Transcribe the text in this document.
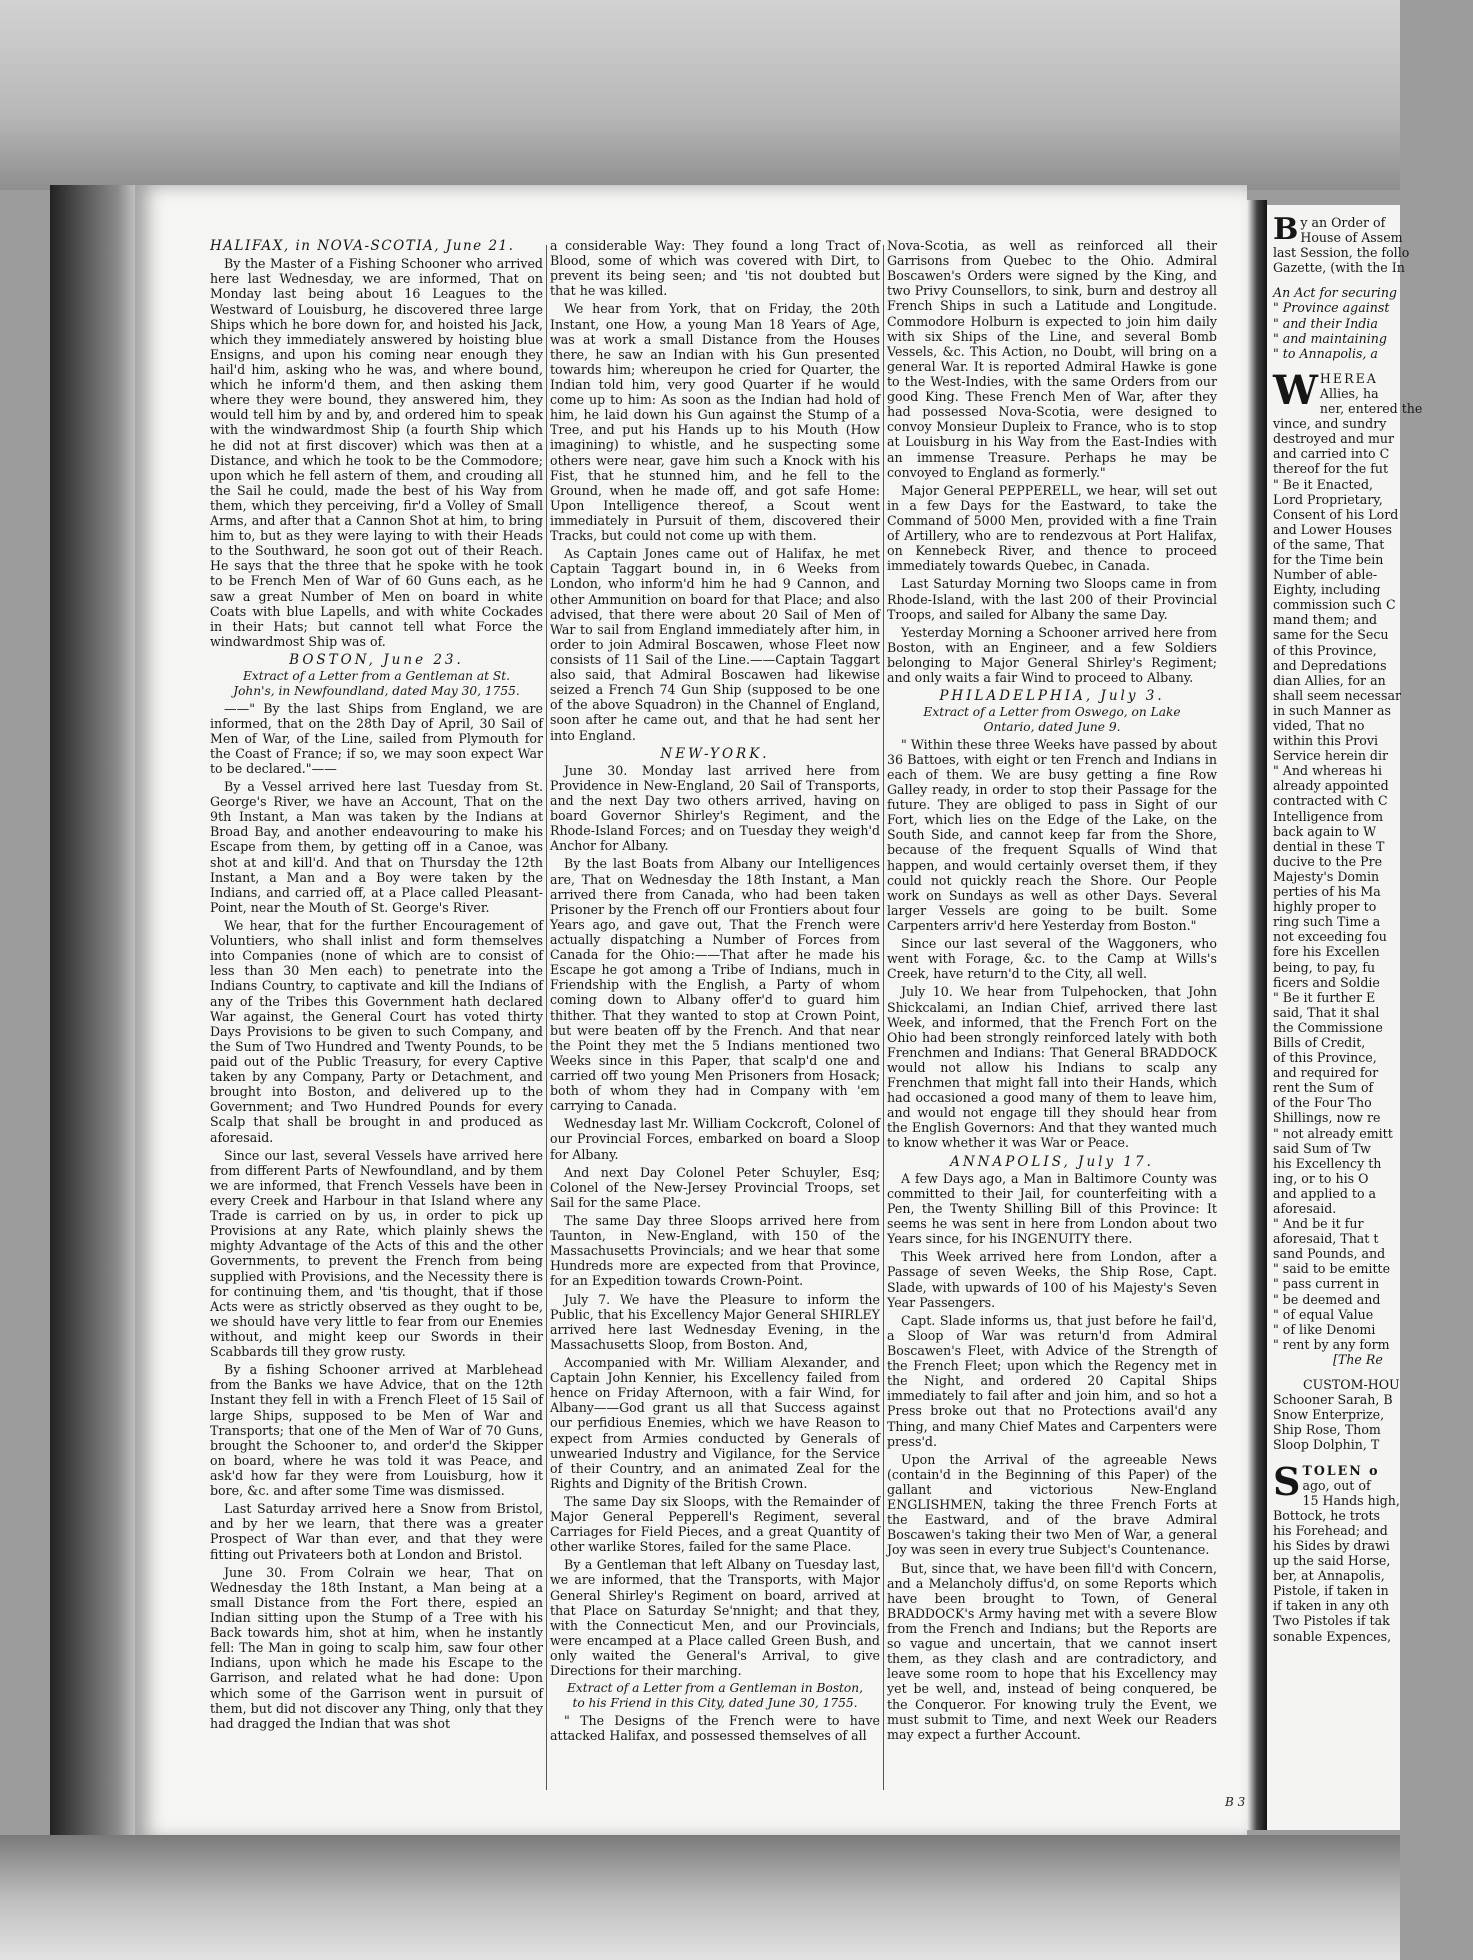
HALIFAX, in NOVA-SCOTIA, June 21.

By the Master of a Fishing Schooner who arrived here last Wednesday, we are informed, That on Monday last being about 16 Leagues to the Westward of Louisburg, he discovered three large Ships which he bore down for, and hoisted his Jack, which they immediately answered by hoisting blue Ensigns, and upon his coming near enough they hail'd him, asking who he was, and where bound, which he inform'd them, and then asking them where they were bound, they answered him, they would tell him by and by, and ordered him to speak with the windwardmost Ship (a fourth Ship which he did not at first discover) which was then at a Distance, and which he took to be the Commodore; upon which he fell astern of them, and crouding all the Sail he could, made the best of his Way from them, which they perceiving, fir'd a Volley of Small Arms, and after that a Cannon Shot at him, to bring him to, but as they were laying to with their Heads to the Southward, he soon got out of their Reach. He says that the three that he spoke with he took to be French Men of War of 60 Guns each, as he saw a great Number of Men on board in white Coats with blue Lapells, and with white Cockades in their Hats; but cannot tell what Force the windwardmost Ship was of.

BOSTON, June 23.
Extract of a Letter from a Gentleman at St. John's, in Newfoundland, dated May 30, 1755.

——" By the last Ships from England, we are informed, that on the 28th Day of April, 30 Sail of Men of War, of the Line, sailed from Plymouth for the Coast of France; if so, we may soon expect War to be declared."——

By a Vessel arrived here last Tuesday from St. George's River, we have an Account, That on the 9th Instant, a Man was taken by the Indians at Broad Bay, and another endeavouring to make his Escape from them, by getting off in a Canoe, was shot at and kill'd. And that on Thursday the 12th Instant, a Man and a Boy were taken by the Indians, and carried off, at a Place called Pleasant-Point, near the Mouth of St. George's River.

We hear, that for the further Encouragement of Voluntiers, who shall inlist and form themselves into Companies (none of which are to consist of less than 30 Men each) to penetrate into the Indians Country, to captivate and kill the Indians of any of the Tribes this Government hath declared War against, the General Court has voted thirty Days Provisions to be given to such Company, and the Sum of Two Hundred and Twenty Pounds, to be paid out of the Public Treasury, for every Captive taken by any Company, Party or Detachment, and brought into Boston, and delivered up to the Government; and Two Hundred Pounds for every Scalp that shall be brought in and produced as aforesaid.

Since our last, several Vessels have arrived here from different Parts of Newfoundland, and by them we are informed, that French Vessels have been in every Creek and Harbour in that Island where any Trade is carried on by us, in order to pick up Provisions at any Rate, which plainly shews the mighty Advantage of the Acts of this and the other Governments, to prevent the French from being supplied with Provisions, and the Necessity there is for continuing them, and 'tis thought, that if those Acts were as strictly observed as they ought to be, we should have very little to fear from our Enemies without, and might keep our Swords in their Scabbards till they grow rusty.

By a fishing Schooner arrived at Marblehead from the Banks we have Advice, that on the 12th Instant they fell in with a French Fleet of 15 Sail of large Ships, supposed to be Men of War and Transports; that one of the Men of War of 70 Guns, brought the Schooner to, and order'd the Skipper on board, where he was told it was Peace, and ask'd how far they were from Louisburg, how it bore, &c. and after some Time was dismissed.

Last Saturday arrived here a Snow from Bristol, and by her we learn, that there was a greater Prospect of War than ever, and that they were fitting out Privateers both at London and Bristol.

June 30. From Colrain we hear, That on Wednesday the 18th Instant, a Man being at a small Distance from the Fort there, espied an Indian sitting upon the Stump of a Tree with his Back towards him, shot at him, when he instantly fell: The Man in going to scalp him, saw four other Indians, upon which he made his Escape to the Garrison, and related what he had done: Upon which some of the Garrison went in pursuit of them, but did not discover any Thing, only that they had dragged the Indian that was shot

a considerable Way: They found a long Tract of Blood, some of which was covered with Dirt, to prevent its being seen; and 'tis not doubted but that he was killed.

We hear from York, that on Friday, the 20th Instant, one How, a young Man 18 Years of Age, was at work a small Distance from the Houses there, he saw an Indian with his Gun presented towards him; whereupon he cried for Quarter, the Indian told him, very good Quarter if he would come up to him: As soon as the Indian had hold of him, he laid down his Gun against the Stump of a Tree, and put his Hands up to his Mouth (How imagining) to whistle, and he suspecting some others were near, gave him such a Knock with his Fist, that he stunned him, and he fell to the Ground, when he made off, and got safe Home: Upon Intelligence thereof, a Scout went immediately in Pursuit of them, discovered their Tracks, but could not come up with them.

As Captain Jones came out of Halifax, he met Captain Taggart bound in, in 6 Weeks from London, who inform'd him he had 9 Cannon, and other Ammunition on board for that Place; and also advised, that there were about 20 Sail of Men of War to sail from England immediately after him, in order to join Admiral Boscawen, whose Fleet now consists of 11 Sail of the Line.——Captain Taggart also said, that Admiral Boscawen had likewise seized a French 74 Gun Ship (supposed to be one of the above Squadron) in the Channel of England, soon after he came out, and that he had sent her into England.

NEW-YORK.

June 30. Monday last arrived here from Providence in New-England, 20 Sail of Transports, and the next Day two others arrived, having on board Governor Shirley's Regiment, and the Rhode-Island Forces; and on Tuesday they weigh'd Anchor for Albany.

By the last Boats from Albany our Intelligences are, That on Wednesday the 18th Instant, a Man arrived there from Canada, who had been taken Prisoner by the French off our Frontiers about four Years ago, and gave out, That the French were actually dispatching a Number of Forces from Canada for the Ohio:——That after he made his Escape he got among a Tribe of Indians, much in Friendship with the English, a Party of whom coming down to Albany offer'd to guard him thither. That they wanted to stop at Crown Point, but were beaten off by the French. And that near the Point they met the 5 Indians mentioned two Weeks since in this Paper, that scalp'd one and carried off two young Men Prisoners from Hosack; both of whom they had in Company with 'em carrying to Canada.

Wednesday last Mr. William Cockcroft, Colonel of our Provincial Forces, embarked on board a Sloop for Albany.

And next Day Colonel Peter Schuyler, Esq; Colonel of the New-Jersey Provincial Troops, set Sail for the same Place.

The same Day three Sloops arrived here from Taunton, in New-England, with 150 of the Massachusetts Provincials; and we hear that some Hundreds more are expected from that Province, for an Expedition towards Crown-Point.

July 7. We have the Pleasure to inform the Public, that his Excellency Major General SHIRLEY arrived here last Wednesday Evening, in the Massachusetts Sloop, from Boston. And,

Accompanied with Mr. William Alexander, and Captain John Kennier, his Excellency failed from hence on Friday Afternoon, with a fair Wind, for Albany——God grant us all that Success against our perfidious Enemies, which we have Reason to expect from Armies conducted by Generals of unwearied Industry and Vigilance, for the Service of their Country, and an animated Zeal for the Rights and Dignity of the British Crown.

The same Day six Sloops, with the Remainder of Major General Pepperell's Regiment, several Carriages for Field Pieces, and a great Quantity of other warlike Stores, failed for the same Place.

By a Gentleman that left Albany on Tuesday last, we are informed, that the Transports, with Major General Shirley's Regiment on board, arrived at that Place on Saturday Se'nnight; and that they, with the Connecticut Men, and our Provincials, were encamped at a Place called Green Bush, and only waited the General's Arrival, to give Directions for their marching.

Extract of a Letter from a Gentleman in Boston, to his Friend in this City, dated June 30, 1755.

" The Designs of the French were to have attacked Halifax, and possessed themselves of all

Nova-Scotia, as well as reinforced all their Garrisons from Quebec to the Ohio. Admiral Boscawen's Orders were signed by the King, and two Privy Counsellors, to sink, burn and destroy all French Ships in such a Latitude and Longitude. Commodore Holburn is expected to join him daily with six Ships of the Line, and several Bomb Vessels, &c. This Action, no Doubt, will bring on a general War. It is reported Admiral Hawke is gone to the West-Indies, with the same Orders from our good King. These French Men of War, after they had possessed Nova-Scotia, were designed to convoy Monsieur Dupleix to France, who is to stop at Louisburg in his Way from the East-Indies with an immense Treasure. Perhaps he may be convoyed to England as formerly."

Major General PEPPERELL, we hear, will set out in a few Days for the Eastward, to take the Command of 5000 Men, provided with a fine Train of Artillery, who are to rendezvous at Port Halifax, on Kennebeck River, and thence to proceed immediately towards Quebec, in Canada.

Last Saturday Morning two Sloops came in from Rhode-Island, with the last 200 of their Provincial Troops, and sailed for Albany the same Day.

Yesterday Morning a Schooner arrived here from Boston, with an Engineer, and a few Soldiers belonging to Major General Shirley's Regiment; and only waits a fair Wind to proceed to Albany.

PHILADELPHIA, July 3.
Extract of a Letter from Oswego, on Lake Ontario, dated June 9.

" Within these three Weeks have passed by about 36 Battoes, with eight or ten French and Indians in each of them. We are busy getting a fine Row Galley ready, in order to stop their Passage for the future. They are obliged to pass in Sight of our Fort, which lies on the Edge of the Lake, on the South Side, and cannot keep far from the Shore, because of the frequent Squalls of Wind that happen, and would certainly overset them, if they could not quickly reach the Shore. Our People work on Sundays as well as other Days. Several larger Vessels are going to be built. Some Carpenters arriv'd here Yesterday from Boston."

Since our last several of the Waggoners, who went with Forage, &c. to the Camp at Wills's Creek, have return'd to the City, all well.

July 10. We hear from Tulpehocken, that John Shickcalami, an Indian Chief, arrived there last Week, and informed, that the French Fort on the Ohio had been strongly reinforced lately with both Frenchmen and Indians: That General BRADDOCK would not allow his Indians to scalp any Frenchmen that might fall into their Hands, which had occasioned a good many of them to leave him, and would not engage till they should hear from the English Governors: And that they wanted much to know whether it was War or Peace.

ANNAPOLIS, July 17.

A few Days ago, a Man in Baltimore County was committed to their Jail, for counterfeiting with a Pen, the Twenty Shilling Bill of this Province: It seems he was sent in here from London about two Years since, for his INGENUITY there.

This Week arrived here from London, after a Passage of seven Weeks, the Ship Rose, Capt. Slade, with upwards of 100 of his Majesty's Seven Year Passengers.

Capt. Slade informs us, that just before he fail'd, a Sloop of War was return'd from Admiral Boscawen's Fleet, with Advice of the Strength of the French Fleet; upon which the Regency met in the Night, and ordered 20 Capital Ships immediately to fail after and join him, and so hot a Press broke out that no Protections avail'd any Thing, and many Chief Mates and Carpenters were press'd.

Upon the Arrival of the agreeable News (contain'd in the Beginning of this Paper) of the gallant and victorious New-England ENGLISHMEN, taking the three French Forts at the Eastward, and of the brave Admiral Boscawen's taking their two Men of War, a general Joy was seen in every true Subject's Countenance.

But, since that, we have been fill'd with Concern, and a Melancholy diffus'd, on some Reports which have been brought to Town, of General BRADDOCK's Army having met with a severe Blow from the French and Indians; but the Reports are so vague and uncertain, that we cannot insert them, as they clash and are contradictory, and leave some room to hope that his Excellency may yet be well, and, instead of being conquered, be the Conqueror. For knowing truly the Event, we must submit to Time, and next Week our Readers may expect a further Account.

B 3
B y an Order of
House of Assem
last Session, the follo
Gazette, (with the In
An Act for securing
" Province against
" and their India
" and maintaining
" to Annapolis, a
W HEREA
Allies, ha
ner, entered the
vince, and sundry
destroyed and mur
and carried into C
thereof for the fut
" Be it Enacted,
Lord Proprietary,
Consent of his Lord
and Lower Houses
of the same, That
for the Time bein
Number of able-
Eighty, including
commission such C
mand them; and
same for the Secu
of this Province,
and Depredations
dian Allies, for an
shall seem necessar
in such Manner as
vided, That no
within this Provi
Service herein dir
" And whereas hi
already appointed
contracted with C
Intelligence from
back again to W
dential in these T
ducive to the Pre
Majesty's Domin
perties of his Ma
highly proper to
ring such Time a
not exceeding fou
fore his Excellen
being, to pay, fu
ficers and Soldie
" Be it further E
said, That it shal
the Commissione
Bills of Credit,
of this Province,
and required for
rent the Sum of
of the Four Tho
Shillings, now re
" not already emitt
said Sum of Tw
his Excellency th
ing, or to his O
and applied to a
aforesaid.
" And be it fur
aforesaid, That t
sand Pounds, and
" said to be emitte
" pass current in
" be deemed and
" of equal Value
" of like Denomi
" rent by any form
[The Re
CUSTOM-HOU
Schooner Sarah, B
Snow Enterprize,
Ship Rose, Thom
Sloop Dolphin, T
S TOLEN o
ago, out of
15 Hands high,
Bottock, he trots
his Forehead; and
his Sides by drawi
up the said Horse,
ber, at Annapolis,
Pistole, if taken in
if taken in any oth
Two Pistoles if tak
sonable Expences,
